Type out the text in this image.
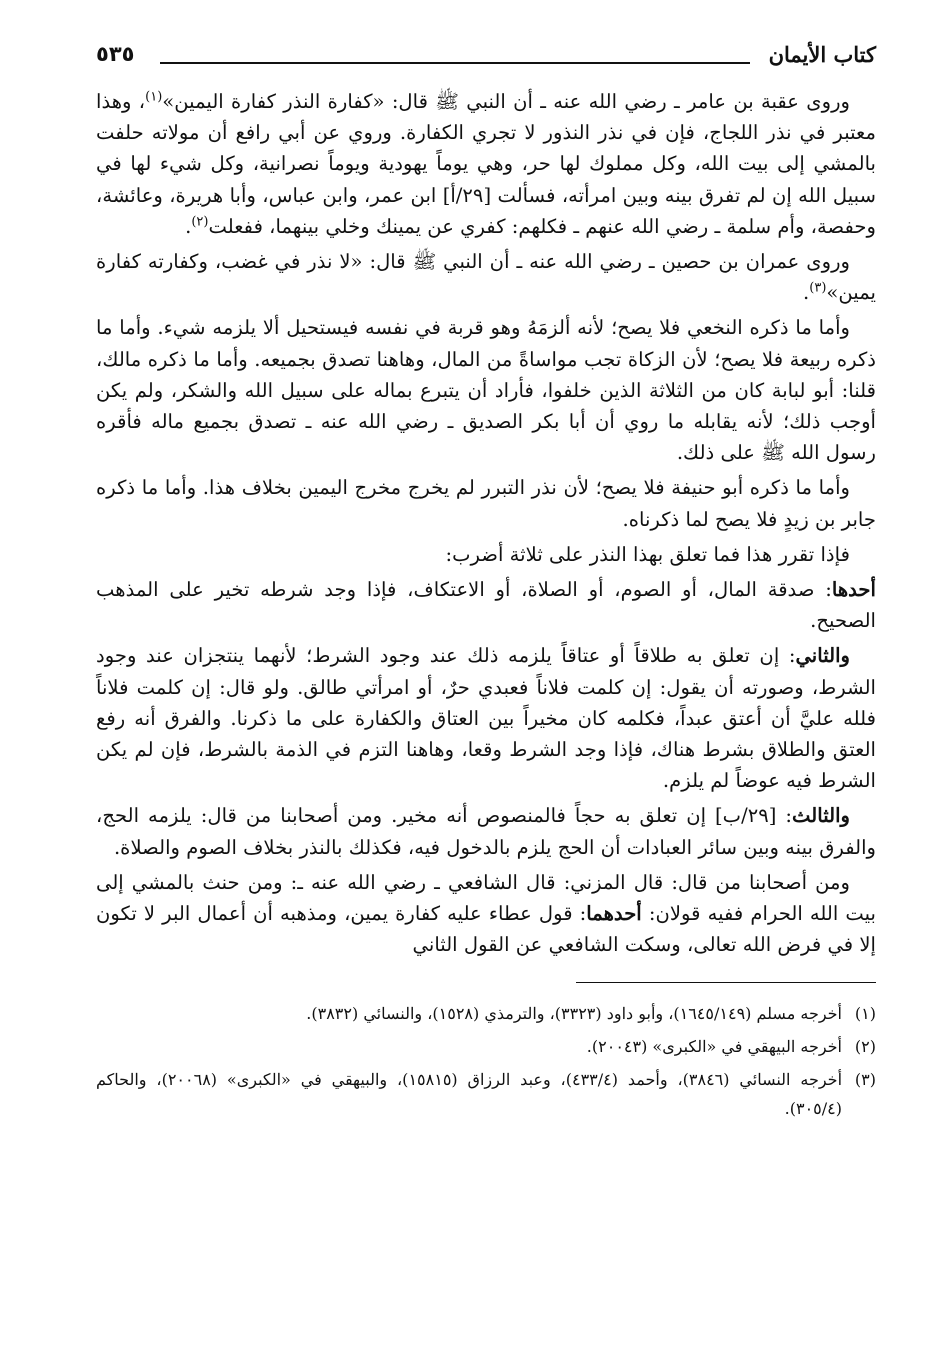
كتاب الأيمان
٥٣٥

وروى عقبة بن عامر ـ رضي الله عنه ـ أن النبي ﷺ قال: «كفارة النذر كفارة اليمين»$^{(١)}$، وهذا معتبر في نذر اللجاج، فإن في نذر النذور لا تجري الكفارة. وروي عن أبي رافع أن مولاته حلفت بالمشي إلى بيت الله، وكل مملوك لها حر، وهي يوماً يهودية ويوماً نصرانية، وكل شيء لها في سبيل الله إن لم تفرق بينه وبين امرأته، فسألت [٢٩/أ] ابن عمر، وابن عباس، وأبا هريرة، وعائشة، وحفصة، وأم سلمة ـ رضي الله عنهم ـ فكلهم: كفري عن يمينك وخلي بينهما، ففعلت$^{(٢)}$.

وروى عمران بن حصين ـ رضي الله عنه ـ أن النبي ﷺ قال: «لا نذر في غضب، وكفارته كفارة يمين»$^{(٣)}$.

وأما ما ذكره النخعي فلا يصح؛ لأنه ألزمَهُ وهو قربة في نفسه فيستحيل ألا يلزمه شيء. وأما ما ذكره ربيعة فلا يصح؛ لأن الزكاة تجب مواساةً من المال، وهاهنا تصدق بجميعه. وأما ما ذكره مالك، قلنا: أبو لبابة كان من الثلاثة الذين خلفوا، فأراد أن يتبرع بماله على سبيل الله والشكر، ولم يكن أوجب ذلك؛ لأنه يقابله ما روي أن أبا بكر الصديق ـ رضي الله عنه ـ تصدق بجميع ماله فأقره رسول الله ﷺ على ذلك.

وأما ما ذكره أبو حنيفة فلا يصح؛ لأن نذر التبرر لم يخرج مخرج اليمين بخلاف هذا. وأما ما ذكره جابر بن زيدٍ فلا يصح لما ذكرناه.

فإذا تقرر هذا فما تعلق بهذا النذر على ثلاثة أضرب:

أحدها: صدقة المال، أو الصوم، أو الصلاة، أو الاعتكاف، فإذا وجد شرطه تخير على المذهب الصحيح.

والثاني: إن تعلق به طلاقاً أو عتاقاً يلزمه ذلك عند وجود الشرط؛ لأنهما ينتجزان عند وجود الشرط، وصورته أن يقول: إن كلمت فلاناً فعبدي حرٌ، أو امرأتي طالق. ولو قال: إن كلمت فلاناً فلله عليَّ أن أعتق عبداً، فكلمه كان مخيراً بين العتاق والكفارة على ما ذكرنا. والفرق أنه رفع العتق والطلاق بشرط هناك، فإذا وجد الشرط وقعا، وهاهنا التزم في الذمة بالشرط، فإن لم يكن الشرط فيه عوضاً لم يلزم.

والثالث: [٢٩/ب] إن تعلق به حجاً فالمنصوص أنه مخير. ومن أصحابنا من قال: يلزمه الحج، والفرق بينه وبين سائر العبادات أن الحج يلزم بالدخول فيه، فكذلك بالنذر بخلاف الصوم والصلاة.

ومن أصحابنا من قال: قال المزني: قال الشافعي ـ رضي الله عنه ـ: ومن حنث بالمشي إلى بيت الله الحرام ففيه قولان: أحدهما: قول عطاء عليه كفارة يمين، ومذهبه أن أعمال البر لا تكون إلا في فرض الله تعالى، وسكت الشافعي عن القول الثاني

(١)
أخرجه مسلم (١٦٤٥/١٤٩)، وأبو داود (٣٣٢٣)، والترمذي (١٥٢٨)، والنسائي (٣٨٣٢).
(٢)
أخرجه البيهقي في «الكبرى» (٢٠٠٤٣).
(٣)
أخرجه النسائي (٣٨٤٦)، وأحمد (٤٣٣/٤)، وعبد الرزاق (١٥٨١٥)، والبيهقي في «الكبرى» (٢٠٠٦٨)، والحاكم (٣٠٥/٤).
